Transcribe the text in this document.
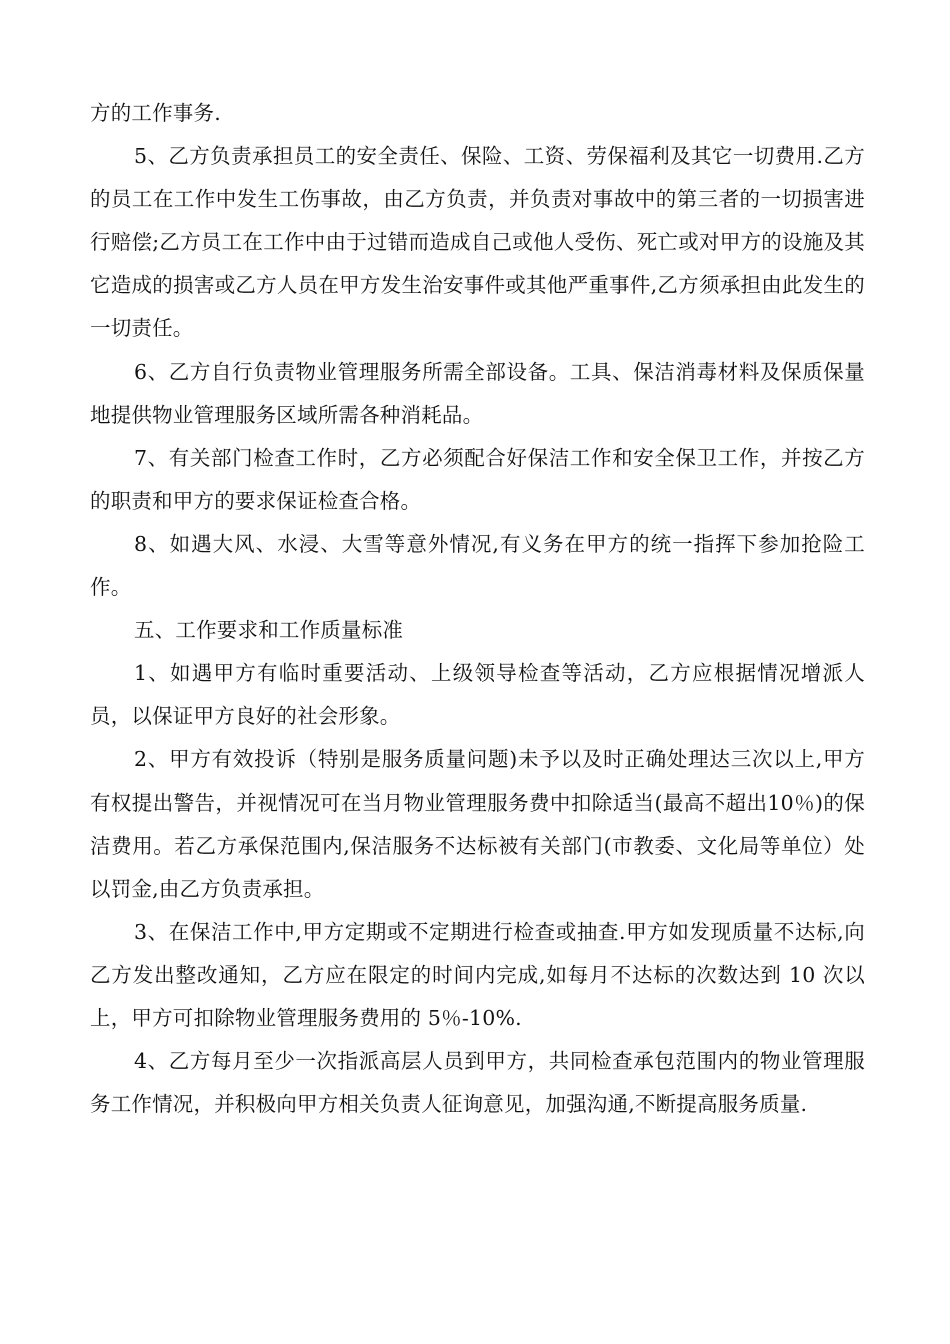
方的工作事务.

5、乙方负责承担员工的安全责任、保险、工资、劳保福利及其它一切费用.乙方的员工在工作中发生工伤事故，由乙方负责，并负责对事故中的第三者的一切损害进行赔偿;乙方员工在工作中由于过错而造成自己或他人受伤、死亡或对甲方的设施及其它造成的损害或乙方人员在甲方发生治安事件或其他严重事件,乙方须承担由此发生的一切责任。

6、乙方自行负责物业管理服务所需全部设备。工具、保洁消毒材料及保质保量地提供物业管理服务区域所需各种消耗品。

7、有关部门检查工作时，乙方必须配合好保洁工作和安全保卫工作，并按乙方的职责和甲方的要求保证检查合格。

8、如遇大风、水浸、大雪等意外情况,有义务在甲方的统一指挥下参加抢险工作。

五、工作要求和工作质量标准

1、如遇甲方有临时重要活动、上级领导检查等活动，乙方应根据情况增派人员，以保证甲方良好的社会形象。

2、甲方有效投诉（特别是服务质量问题)未予以及时正确处理达三次以上,甲方有权提出警告，并视情况可在当月物业管理服务费中扣除适当(最高不超出10％)的保洁费用。若乙方承保范围内,保洁服务不达标被有关部门(市教委、文化局等单位）处以罚金,由乙方负责承担。

3、在保洁工作中,甲方定期或不定期进行检查或抽查.甲方如发现质量不达标,向乙方发出整改通知，乙方应在限定的时间内完成,如每月不达标的次数达到 10 次以上，甲方可扣除物业管理服务费用的 5％-10%.

4、乙方每月至少一次指派高层人员到甲方，共同检查承包范围内的物业管理服务工作情况，并积极向甲方相关负责人征询意见，加强沟通,不断提高服务质量.
